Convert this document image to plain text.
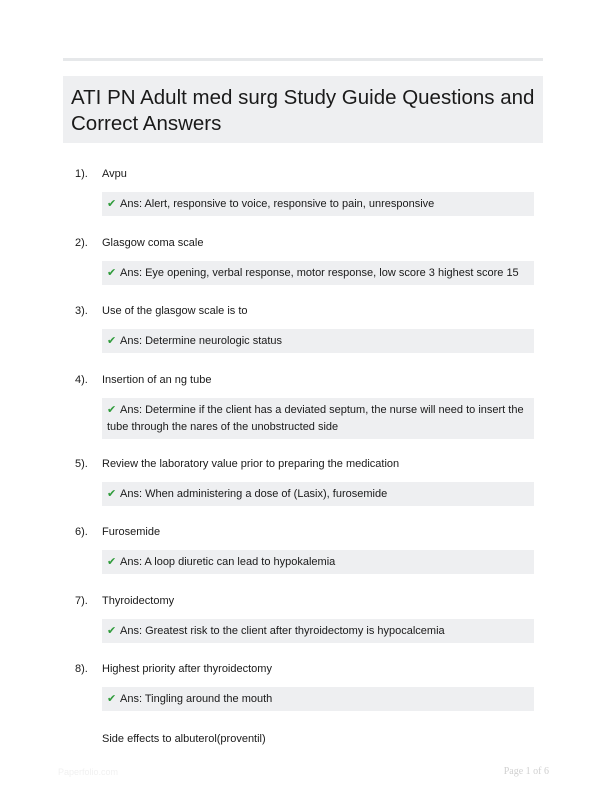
ATI PN Adult med surg Study Guide Questions and Correct Answers
1). Avpu
✔ Ans: Alert, responsive to voice, responsive to pain, unresponsive
2). Glasgow coma scale
✔ Ans: Eye opening, verbal response, motor response, low score 3 highest score 15
3). Use of the glasgow scale is to
✔ Ans: Determine neurologic status
4). Insertion of an ng tube
✔ Ans: Determine if the client has a deviated septum, the nurse will need to insert the tube through the nares of the unobstructed side
5). Review the laboratory value prior to preparing the medication
✔ Ans: When administering a dose of (Lasix), furosemide
6). Furosemide
✔ Ans: A loop diuretic can lead to hypokalemia
7). Thyroidectomy
✔ Ans: Greatest risk to the client after thyroidectomy is hypocalcemia
8). Highest priority after thyroidectomy
✔ Ans: Tingling around the mouth
Side effects to albuterol(proventil)
Paperfolio.com	Page 1 of 6
